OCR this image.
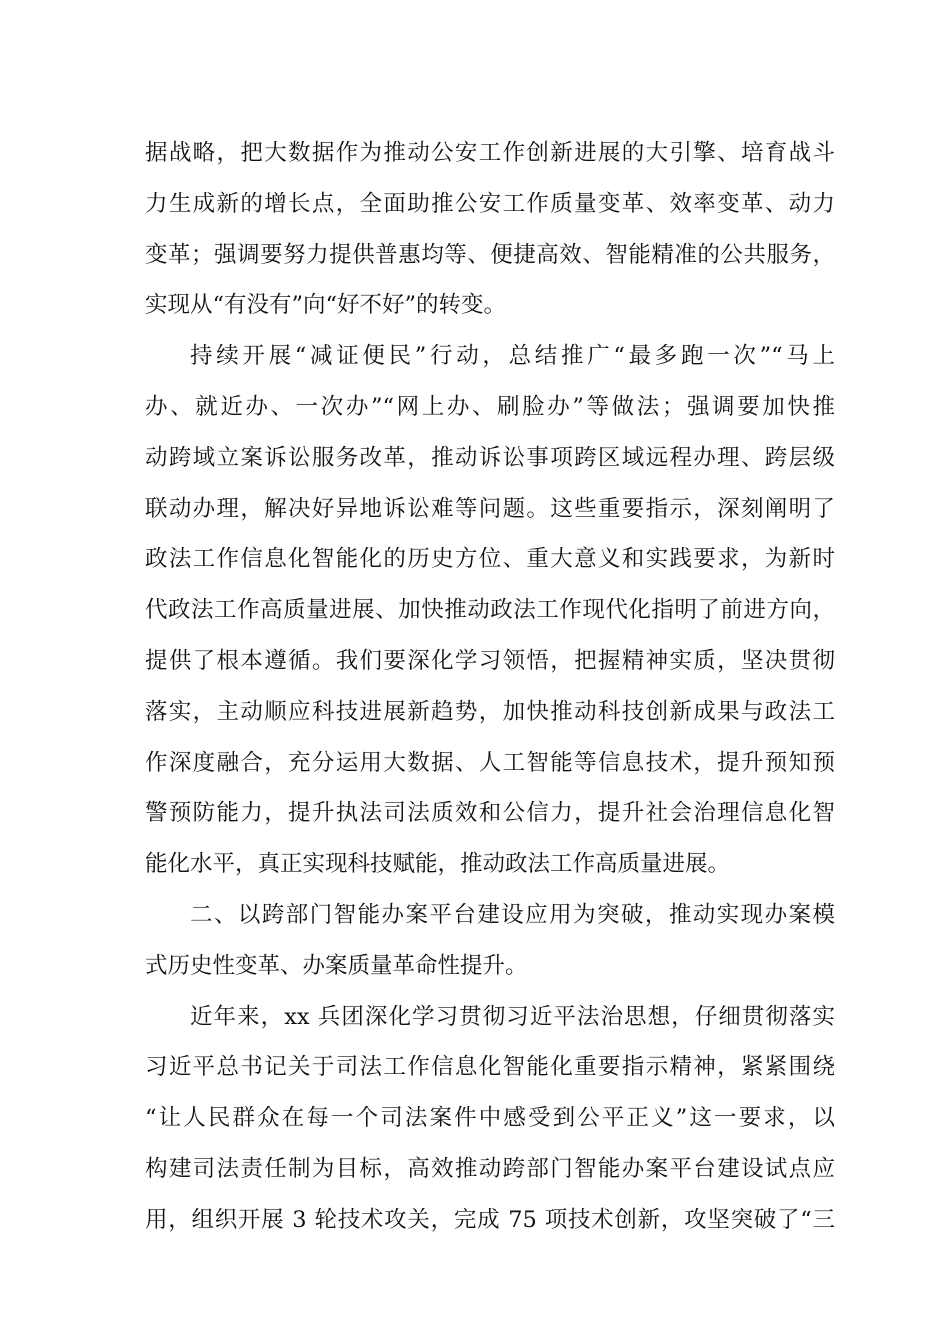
据战略，把大数据作为推动公安工作创新进展的大引擎、培育战斗
力生成新的增长点，全面助推公安工作质量变革、效率变革、动力
变革；强调要努力提供普惠均等、便捷高效、智能精准的公共服务，
实现从“有没有”向“好不好”的转变。
持续开展“减证便民”行动，总结推广“最多跑一次”“马上
办、就近办、一次办”“网上办、刷脸办”等做法；强调要加快推
动跨域立案诉讼服务改革，推动诉讼事项跨区域远程办理、跨层级
联动办理，解决好异地诉讼难等问题。这些重要指示，深刻阐明了
政法工作信息化智能化的历史方位、重大意义和实践要求，为新时
代政法工作高质量进展、加快推动政法工作现代化指明了前进方向，
提供了根本遵循。我们要深化学习领悟，把握精神实质，坚决贯彻
落实，主动顺应科技进展新趋势，加快推动科技创新成果与政法工
作深度融合，充分运用大数据、人工智能等信息技术，提升预知预
警预防能力，提升执法司法质效和公信力，提升社会治理信息化智
能化水平，真正实现科技赋能，推动政法工作高质量进展。
二、以跨部门智能办案平台建设应用为突破，推动实现办案模
式历史性变革、办案质量革命性提升。
近年来，xx 兵团深化学习贯彻习近平法治思想，仔细贯彻落实
习近平总书记关于司法工作信息化智能化重要指示精神，紧紧围绕
“让人民群众在每一个司法案件中感受到公平正义”这一要求，以
构建司法责任制为目标，高效推动跨部门智能办案平台建设试点应
用，组织开展 3 轮技术攻关，完成 75 项技术创新，攻坚突破了“三
